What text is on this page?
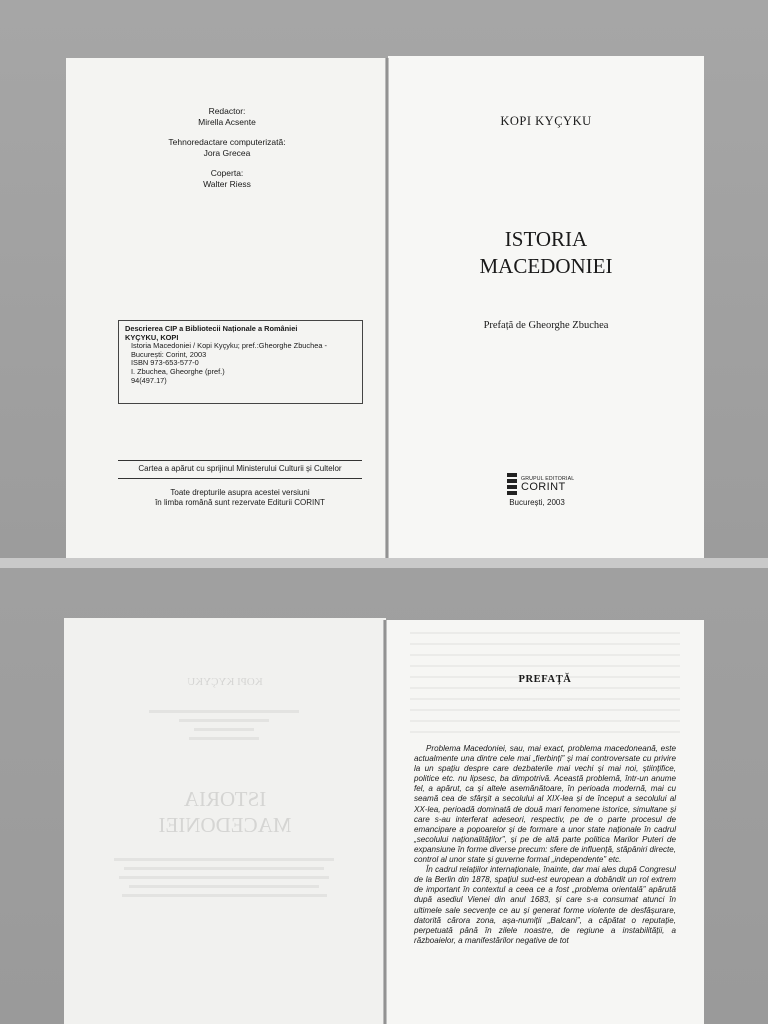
Redactor:
Mirella Acsente
Tehnoredactare computerizată:
Jora Grecea
Coperta:
Walter Riess
Descrierea CIP a Bibliotecii Naționale a României
KYÇYKU, KOPI
Istoria Macedoniei / Kopi Kyçyku; pref.:Gheorghe Zbuchea -
București: Corint, 2003
ISBN 973-653-577-0
I. Zbuchea, Gheorghe (pref.)
94(497.17)
Cartea a apărut cu sprijinul Ministerului Culturii și Cultelor
Toate drepturile asupra acestei versiuni
în limba română sunt rezervate Editurii CORINT
KOPI KYÇYKU
ISTORIA
MACEDONIEI
Prefață de Gheorghe Zbuchea
GRUPUL EDITORIAL
CORINT
București, 2003
KOPI KYÇYKU
ISTORIA
MACEDONIEI
PREFAȚĂ

Problema Macedoniei, sau, mai exact, problema macedoneană, este actualmente una dintre cele mai „fierbinți” și mai controversate cu privire la un spațiu despre care dezbaterile mai vechi și mai noi, științifice, politice etc. nu lipsesc, ba dimpotrivă. Această problemă, într-un anume fel, a apărut, ca și altele asemănătoare, în perioada modernă, mai cu seamă cea de sfârșit a secolului al XIX-lea și de început a secolului al XX-lea, perioadă dominată de două mari fenomene istorice, simultane și care s-au interferat adeseori, respectiv, pe de o parte procesul de emancipare a popoarelor și de formare a unor state naționale în cadrul „secolului naționalităților”, și pe de altă parte politica Marilor Puteri de expansiune în forme diverse precum: sfere de influență, stăpâniri directe, control al unor state și guverne formal „independente” etc.

În cadrul relațiilor internaționale, înainte, dar mai ales după Congresul de la Berlin din 1878, spațiul sud-est european a dobândit un rol extrem de important în contextul a ceea ce a fost „problema orientală” apărută după asediul Vienei din anul 1683, și care s-a consumat atunci în ultimele sale secvențe ce au și generat forme violente de desfășurare, datorită cărora zona, așa-numiții „Balcani”, a căpătat o reputație, perpetuată până în zilele noastre, de regiune a instabilității, a războaielor, a manifestărilor negative de tot
